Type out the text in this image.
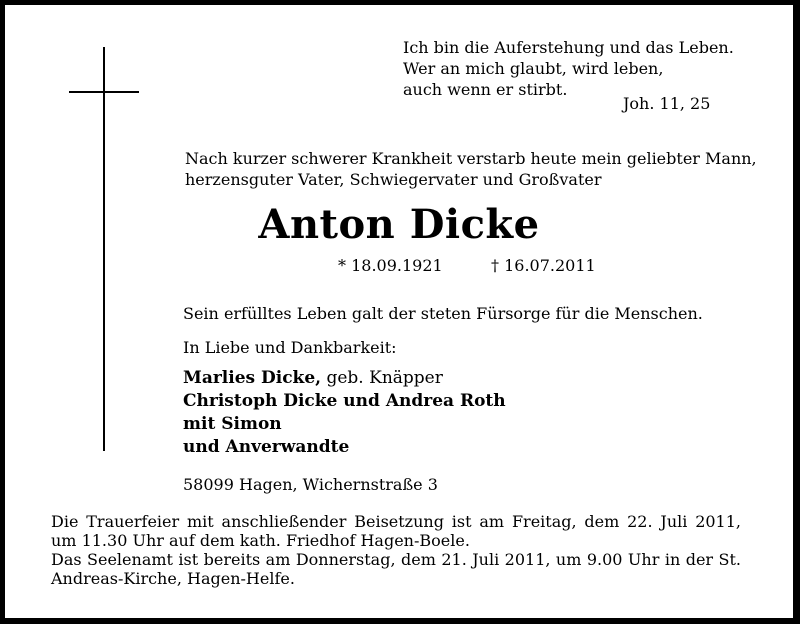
Ich bin die Auferstehung und das Leben.
Wer an mich glaubt, wird leben,
auch wenn er stirbt.
Joh. 11, 25
Nach kurzer schwerer Krankheit verstarb heute mein geliebter Mann,
herzensguter Vater, Schwiegervater und Großvater
Anton Dicke
* 18.09.1921	† 16.07.2011
Sein erfülltes Leben galt der steten Fürsorge für die Menschen.
In Liebe und Dankbarkeit:
Marlies Dicke, geb. Knäpper
Christoph Dicke und Andrea Roth
mit Simon
und Anverwandte
58099 Hagen, Wichernstraße 3

Die Trauerfeier mit anschließender Beisetzung ist am Freitag, dem 22. Juli 2011, um 11.30 Uhr auf dem kath. Friedhof Hagen-Boele.

Das Seelenamt ist bereits am Donnerstag, dem 21. Juli 2011, um 9.00 Uhr in der St. Andreas-Kirche, Hagen-Helfe.
